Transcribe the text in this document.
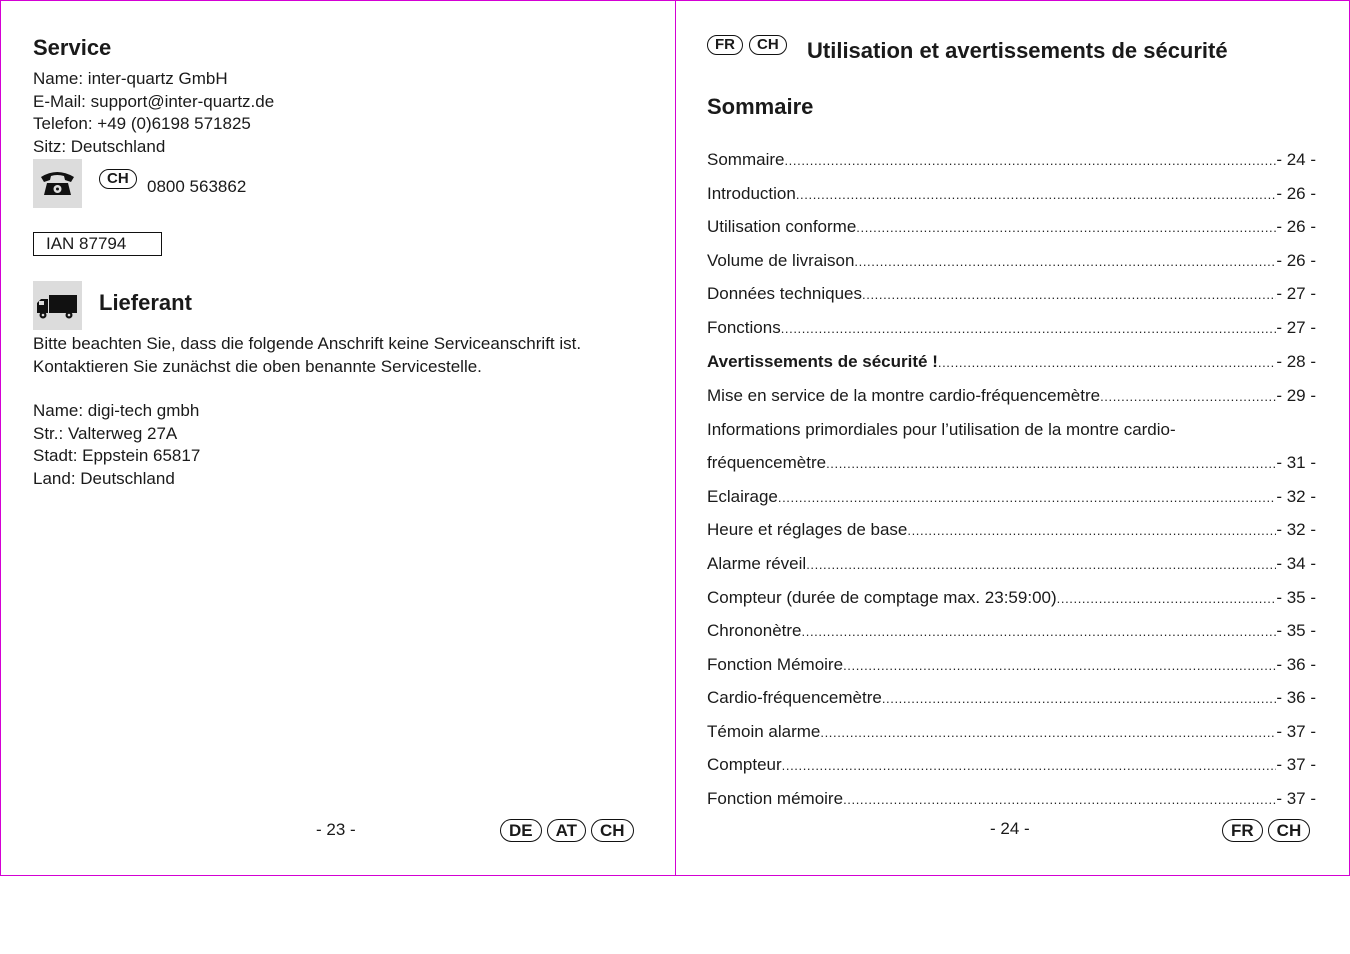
Service
Name: inter-quartz GmbH
E-Mail: support@inter-quartz.de
Telefon: +49 (0)6198 571825
Sitz: Deutschland
CH	0800 563862
IAN 87794
Lieferant
Bitte beachten Sie, dass die folgende Anschrift keine Serviceanschrift ist.
Kontaktieren Sie zunächst die oben benannte Servicestelle.
Name: digi-tech gmbh
Str.: Valterweg 27A
Stadt: Eppstein 65817
Land: Deutschland
- 23 -	DE	AT	CH
FR	CH	Utilisation et avertissements de sécurité
Sommaire
Sommaire .....	- 24 -
Introduction .....	- 26 -
Utilisation conforme .....	- 26 -
Volume de livraison .....	- 26 -
Données techniques .....	- 27 -
Fonctions .....	- 27 -
Avertissements de sécurité ! .....	- 28 -
Mise en service de la montre cardio-fréquencemètre .....	- 29 -
Informations primordiales pour l’utilisation de la montre cardio-
fréquencemètre .....	- 31 -
Eclairage .....	- 32 -
Heure et réglages de base .....	- 32 -
Alarme réveil .....	- 34 -
Compteur (durée de comptage max. 23:59:00) .....	- 35 -
Chrononètre .....	- 35 -
Fonction Mémoire .....	- 36 -
Cardio-fréquencemètre .....	- 36 -
Témoin alarme .....	- 37 -
Compteur .....	- 37 -
Fonction mémoire .....	- 37 -
- 24 -	FR	CH
